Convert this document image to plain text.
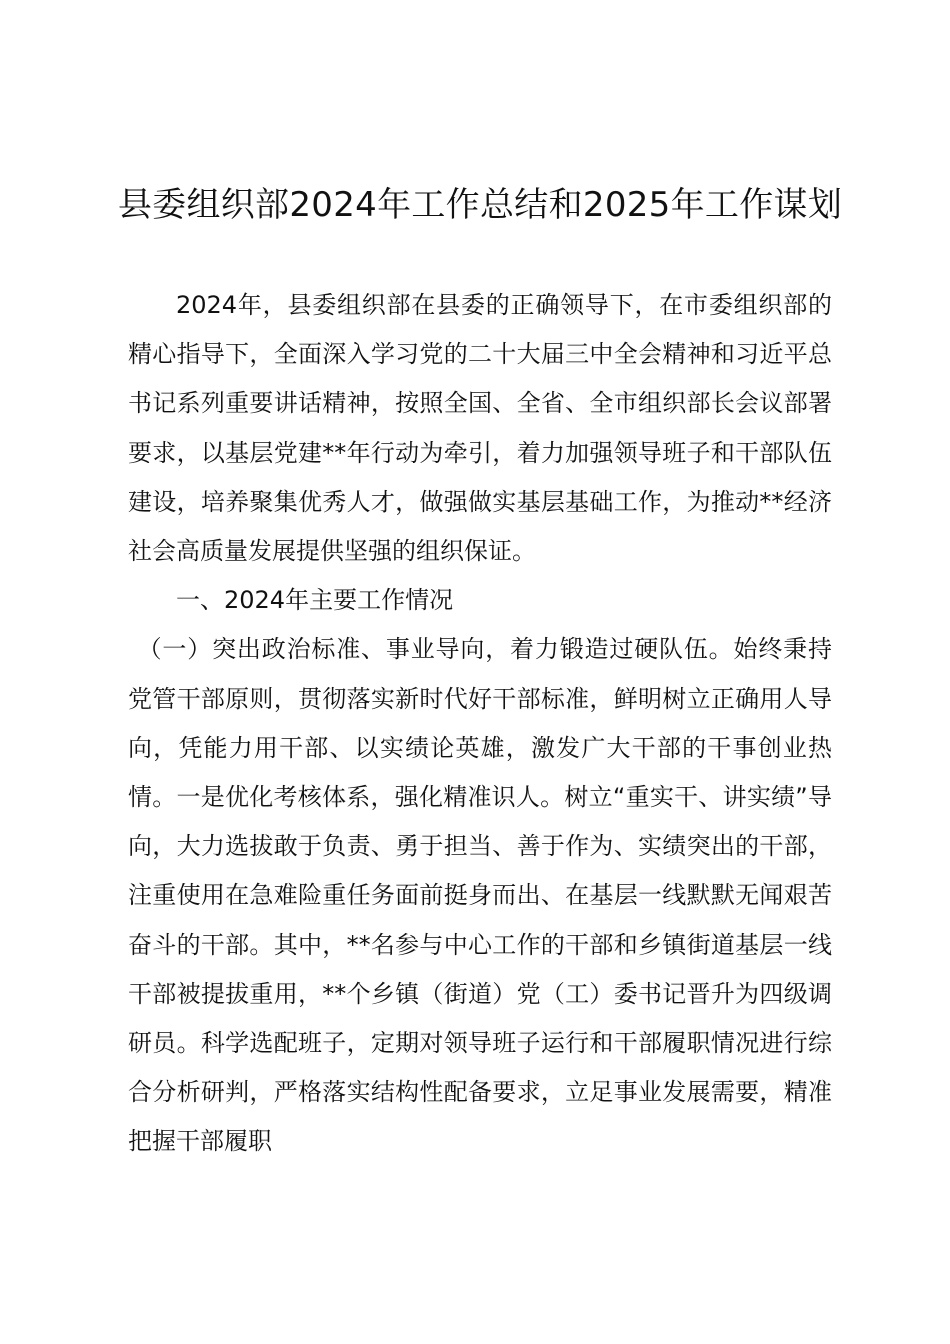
县委组织部2024年工作总结和2025年工作谋划

2024年，县委组织部在县委的正确领导下，在市委组织部的精心指导下，全面深入学习党的二十大届三中全会精神和习近平总书记系列重要讲话精神，按照全国、全省、全市组织部长会议部署要求，以基层党建**年行动为牵引，着力加强领导班子和干部队伍建设，培养聚集优秀人才，做强做实基层基础工作，为推动**经济社会高质量发展提供坚强的组织保证。

一、2024年主要工作情况

（一）突出政治标准、事业导向，着力锻造过硬队伍。始终秉持党管干部原则，贯彻落实新时代好干部标准，鲜明树立正确用人导向，凭能力用干部、以实绩论英雄，激发广大干部的干事创业热情。一是优化考核体系，强化精准识人。树立“重实干、讲实绩”导向，大力选拔敢于负责、勇于担当、善于作为、实绩突出的干部，注重使用在急难险重任务面前挺身而出、在基层一线默默无闻艰苦奋斗的干部。其中，**名参与中心工作的干部和乡镇街道基层一线干部被提拔重用，**个乡镇（街道）党（工）委书记晋升为四级调研员。科学选配班子，定期对领导班子运行和干部履职情况进行综合分析研判，严格落实结构性配备要求，立足事业发展需要，精准把握干部履职
